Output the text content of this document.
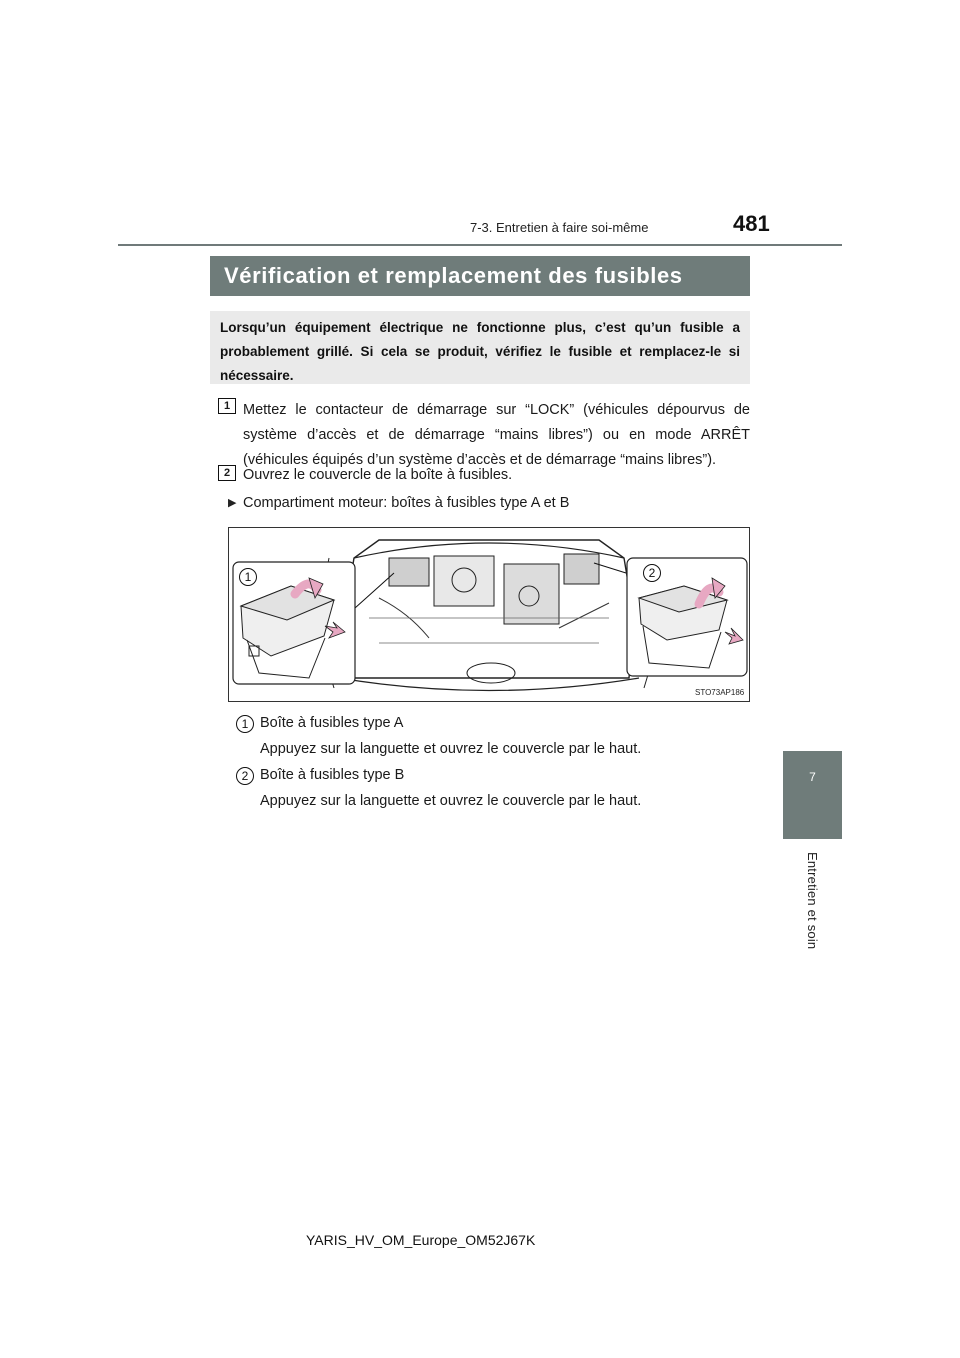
7-3. Entretien à faire soi-même	481
7
Entretien et soin
Vérification et remplacement des fusibles
Lorsqu’un équipement électrique ne fonctionne plus, c’est qu’un fusible a probablement grillé. Si cela se produit, vérifiez le fusible et remplacez-le si nécessaire.
1 Mettez le contacteur de démarrage sur “LOCK” (véhicules dépourvus de système d’accès et de démarrage “mains libres”) ou en mode ARRÊT (véhicules équipés d’un système d’accès et de démarrage “mains libres”).
2 Ouvrez le couvercle de la boîte à fusibles.
▶ Compartiment moteur: boîtes à fusibles type A et B
1	2
STO73AP186
1 Boîte à fusibles type A
Appuyez sur la languette et ouvrez le couvercle par le haut.
2 Boîte à fusibles type B
Appuyez sur la languette et ouvrez le couvercle par le haut.
YARIS_HV_OM_Europe_OM52J67K
